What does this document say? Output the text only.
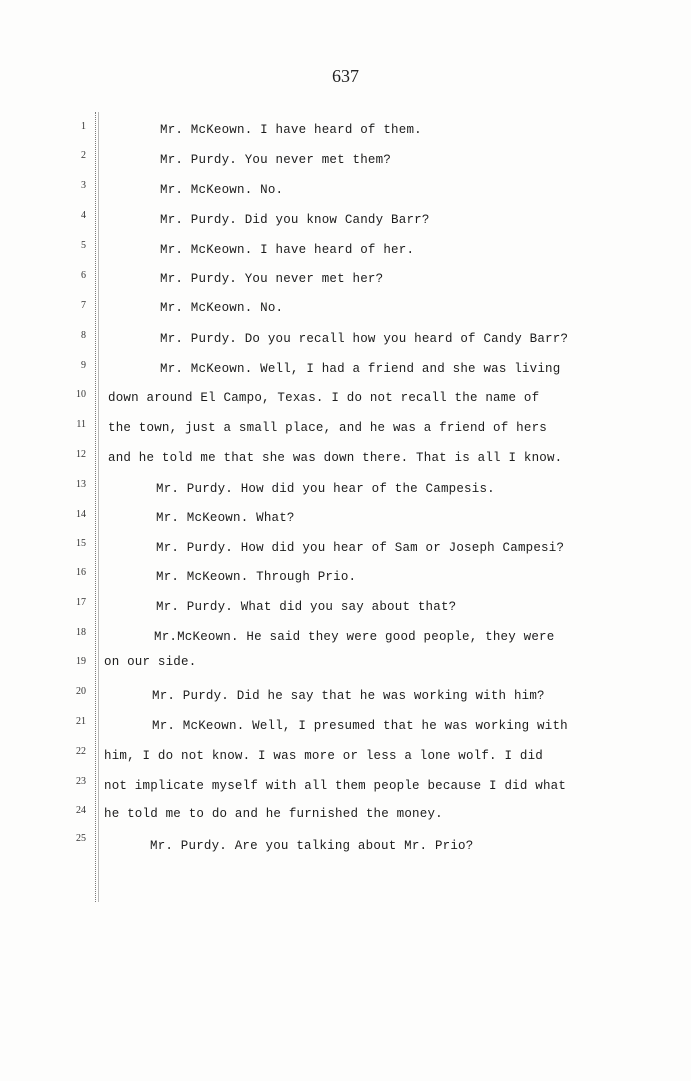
637
1
2
3
4
5
6
7
8
9
10
11
12
13
14
15
16
17
18
19
20
21
22
23
24
25
Mr. McKeown. I have heard of them.
Mr. Purdy. You never met them?
Mr. McKeown. No.
Mr. Purdy. Did you know Candy Barr?
Mr. McKeown. I have heard of her.
Mr. Purdy. You never met her?
Mr. McKeown. No.
Mr. Purdy. Do you recall how you heard of Candy Barr?
Mr. McKeown. Well, I had a friend and she was living
down around El Campo, Texas. I do not recall the name of
the town, just a small place, and he was a friend of hers
and he told me that she was down there. That is all I know.
Mr. Purdy. How did you hear of the Campesis.
Mr. McKeown. What?
Mr. Purdy. How did you hear of Sam or Joseph Campesi?
Mr. McKeown. Through Prio.
Mr. Purdy. What did you say about that?
Mr.McKeown. He said they were good people, they were
on our side.
Mr. Purdy. Did he say that he was working with him?
Mr. McKeown. Well, I presumed that he was working with
him, I do not know. I was more or less a lone wolf. I did
not implicate myself with all them people because I did what
he told me to do and he furnished the money.
Mr. Purdy. Are you talking about Mr. Prio?
